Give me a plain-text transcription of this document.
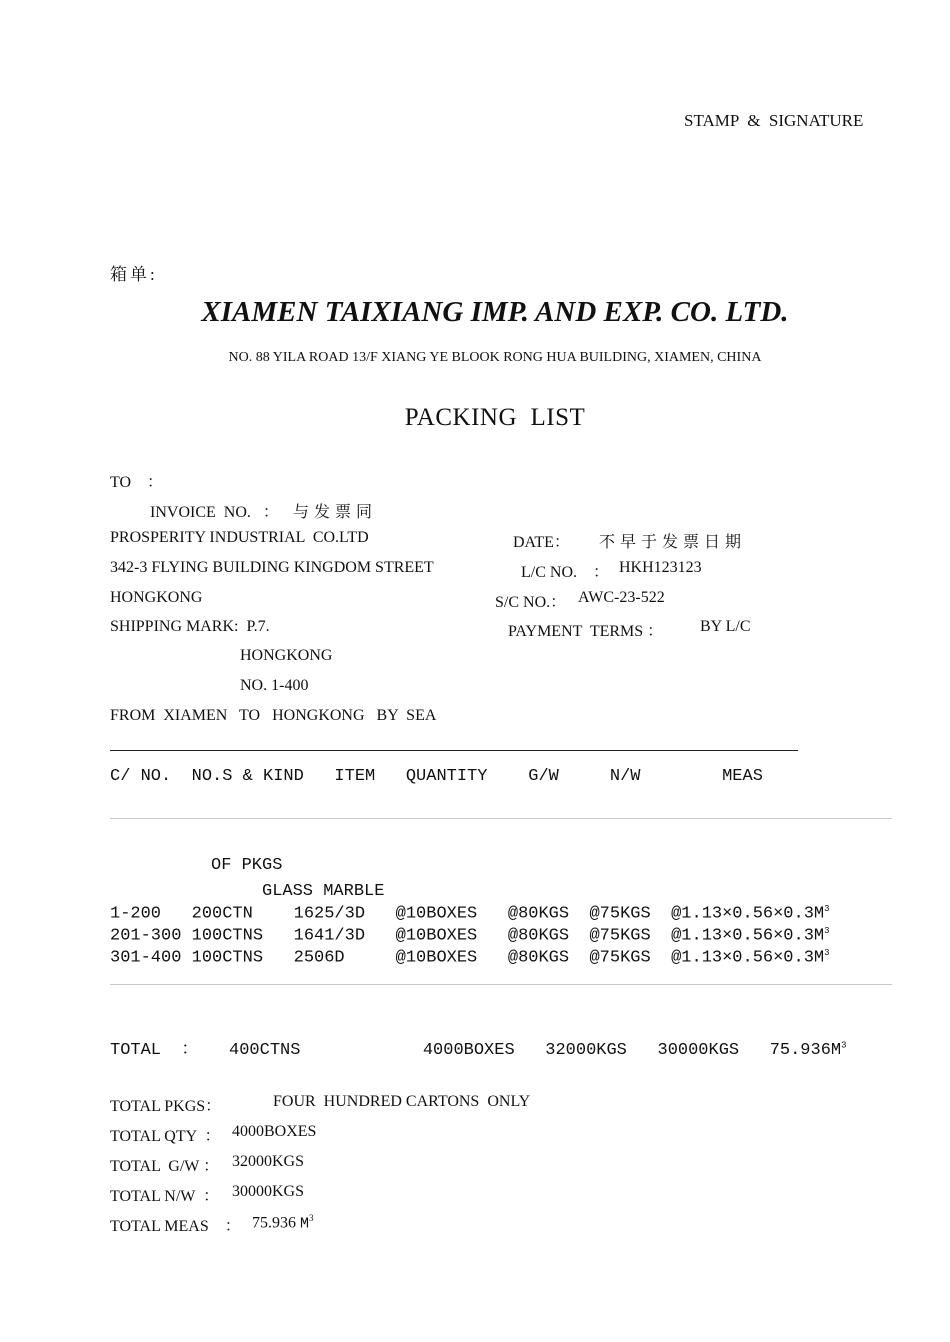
STAMP  &  SIGNATURE
箱单:
XIAMEN TAIXIANG IMP. AND EXP. CO. LTD.
NO. 88 YILA ROAD 13/F XIANG YE BLOOK RONG HUA BUILDING, XIAMEN, CHINA
PACKING  LIST
TO    ：
INVOICE  NO.   ： 与发票同
PROSPERITY INDUSTRIAL  CO.LTD	DATE： 不早于发票日期
342-3 FLYING BUILDING KINGDOM STREET	L/C NO.    ： HKH123123
HONGKONG	S/C NO.： AWC-23-522
SHIPPING MARK:  P.7.	PAYMENT  TERMS ： BY L/C
HONGKONG
NO. 1-400
FROM  XIAMEN   TO   HONGKONG   BY  SEA
C/ NO.  NO.S & KIND   ITEM   QUANTITY    G/W     N/W        MEAS
OF PKGS
GLASS MARBLE
1-200   200CTN    1625/3D   @10BOXES   @80KGS  @75KGS  $@1.13\times 0.56\times 0.3M^3$
201-300 100CTNS   1641/3D   @10BOXES   @80KGS  @75KGS  $@1.13\times 0.56\times 0.3M^3$
301-400 100CTNS   2506D     @10BOXES   @80KGS  @75KGS  $@1.13\times 0.56\times 0.3M^3$
TOTAL  ：   400CTNS            4000BOXES   32000KGS   30000KGS   $75.936M^3$
TOTAL PKGS：	FOUR  HUNDRED CARTONS  ONLY
TOTAL QTY  ： 4000BOXES
TOTAL  G/W ： 32000KGS
TOTAL N/W  ： 30000KGS
TOTAL MEAS    ： 75.936 $M^3$
